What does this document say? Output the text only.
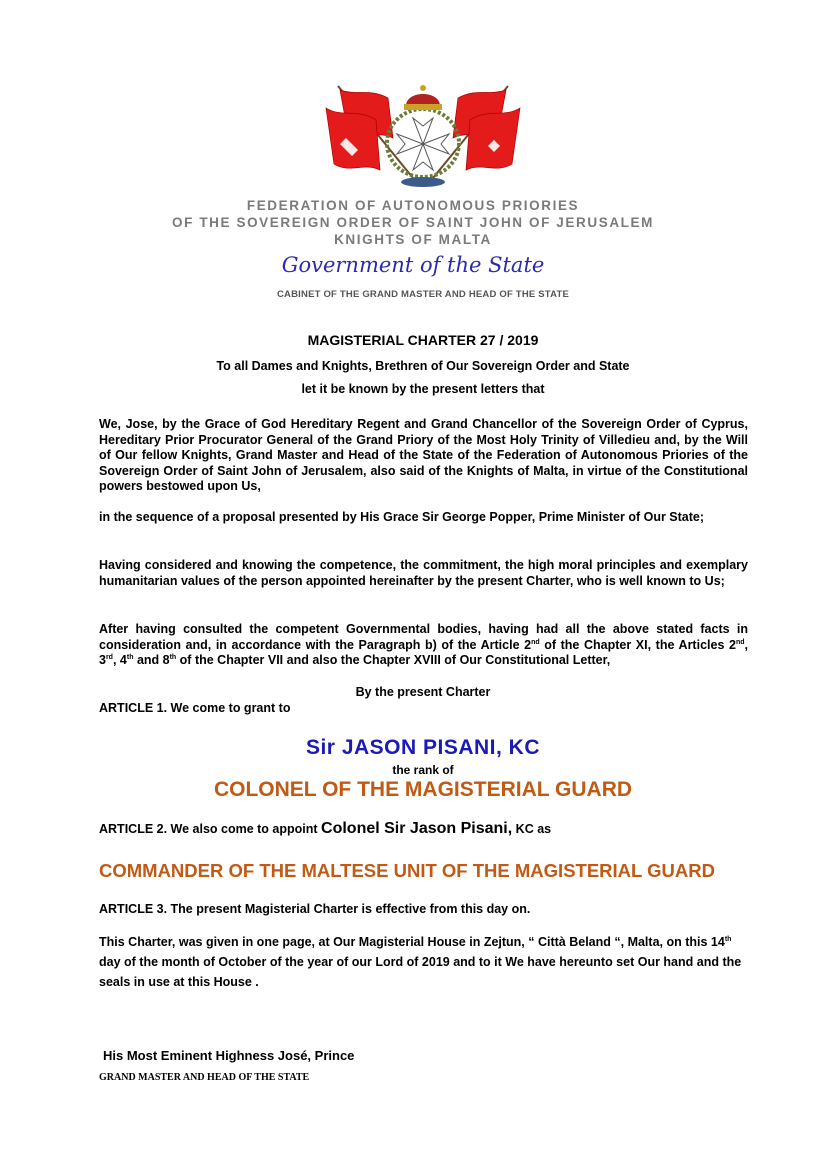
FEDERATION OF AUTONOMOUS PRIORIES
OF THE SOVEREIGN ORDER OF SAINT JOHN OF JERUSALEM
KNIGHTS OF MALTA
Government of the State
CABINET OF THE GRAND MASTER AND HEAD OF THE STATE
MAGISTERIAL CHARTER 27 / 2019
To all Dames and Knights, Brethren of Our Sovereign Order and State
let it be known by the present letters that

We, Jose, by the Grace of God Hereditary Regent and Grand Chancellor of the Sovereign Order of Cyprus, Hereditary Prior Procurator General of the Grand Priory of the Most Holy Trinity of Villedieu and, by the Will of Our fellow Knights, Grand Master and Head of the State of the Federation of Autonomous Priories of the Sovereign Order of Saint John of Jerusalem, also said of the Knights of Malta, in virtue of the Constitutional powers bestowed upon Us,

in the sequence of a proposal presented by His Grace Sir George Popper, Prime Minister of Our State;

Having considered and knowing the competence, the commitment, the high moral principles and exemplary humanitarian values of the person appointed hereinafter by the present Charter, who is well known to Us;

After having consulted the competent Governmental bodies, having had all the above stated facts in consideration and, in accordance with the Paragraph b) of the Article 2nd of the Chapter XI, the Articles 2nd, 3rd, 4th and 8th of the Chapter VII and also the Chapter XVIII of Our Constitutional Letter,

By the present Charter
ARTICLE 1. We come to grant to
Sir JASON PISANI, KC
the rank of
COLONEL OF THE MAGISTERIAL GUARD
ARTICLE 2. We also come to appoint Colonel Sir Jason Pisani, KC as
COMMANDER OF THE MALTESE UNIT OF THE MAGISTERIAL GUARD
ARTICLE 3. The present Magisterial Charter is effective from this day on.
This Charter, was given in one page, at Our Magisterial House in Zejtun, “ Città Beland “, Malta, on this 14th day of the month of October of the year of our Lord of 2019 and to it We have hereunto set Our hand and the seals in use at this House .
His Most Eminent Highness José, Prince
GRAND MASTER AND HEAD OF THE STATE
